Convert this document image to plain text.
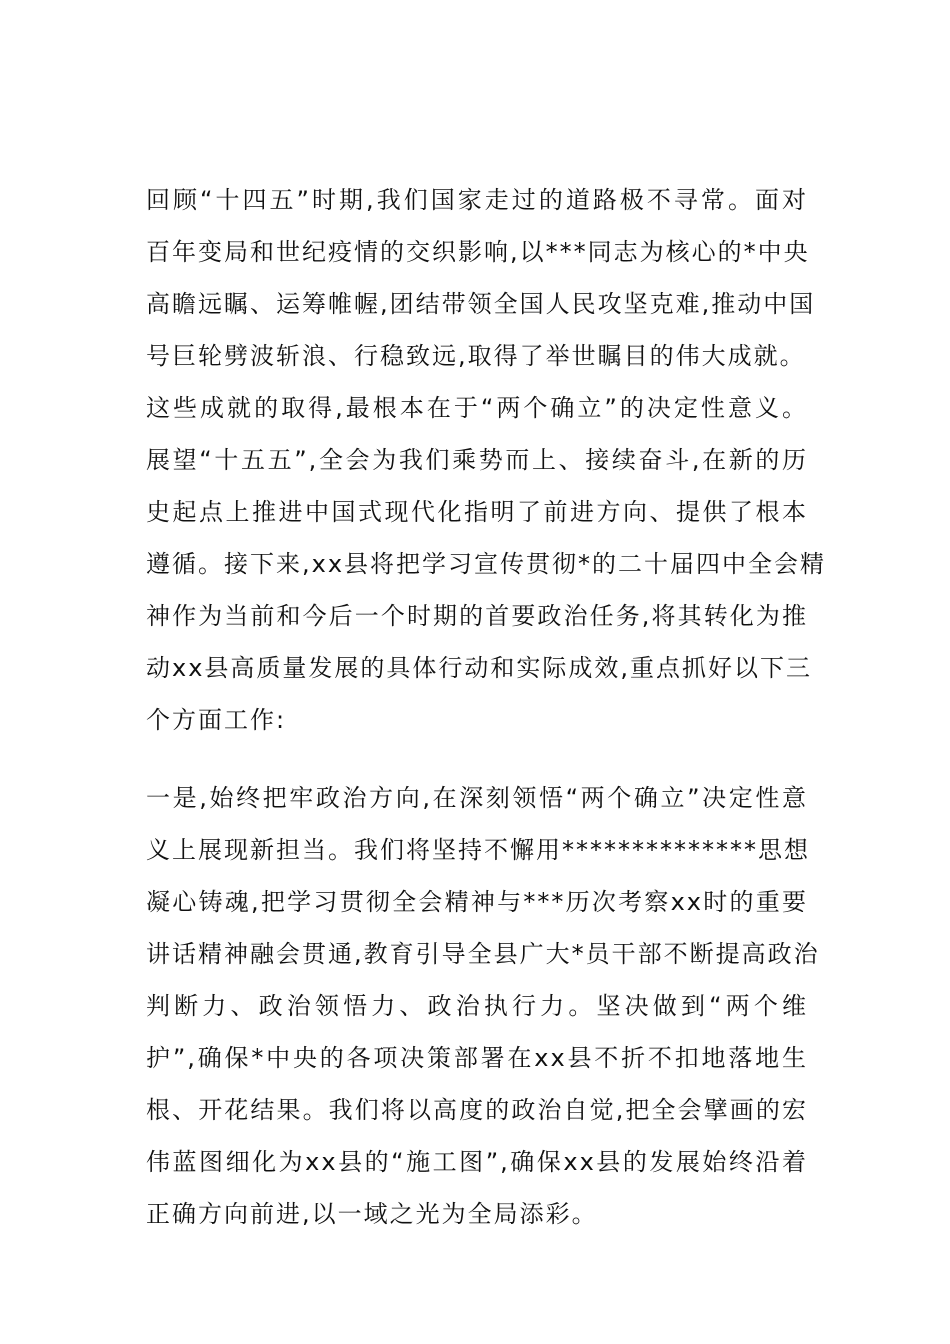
回顾“十四五”时期,我们国家走过的道路极不寻常。面对
百年变局和世纪疫情的交织影响,以***同志为核心的*中央
高瞻远瞩、运筹帷幄,团结带领全国人民攻坚克难,推动中国
号巨轮劈波斩浪、行稳致远,取得了举世瞩目的伟大成就。
这些成就的取得,最根本在于“两个确立”的决定性意义。
展望“十五五”,全会为我们乘势而上、接续奋斗,在新的历
史起点上推进中国式现代化指明了前进方向、提供了根本
遵循。接下来,xx县将把学习宣传贯彻*的二十届四中全会精
神作为当前和今后一个时期的首要政治任务,将其转化为推
动xx县高质量发展的具体行动和实际成效,重点抓好以下三
个方面工作:
一是,始终把牢政治方向,在深刻领悟“两个确立”决定性意
义上展现新担当。我们将坚持不懈用**************思想
凝心铸魂,把学习贯彻全会精神与***历次考察xx时的重要
讲话精神融会贯通,教育引导全县广大*员干部不断提高政治
判断力、政治领悟力、政治执行力。坚决做到“两个维
护”,确保*中央的各项决策部署在xx县不折不扣地落地生
根、开花结果。我们将以高度的政治自觉,把全会擘画的宏
伟蓝图细化为xx县的“施工图”,确保xx县的发展始终沿着
正确方向前进,以一域之光为全局添彩。
